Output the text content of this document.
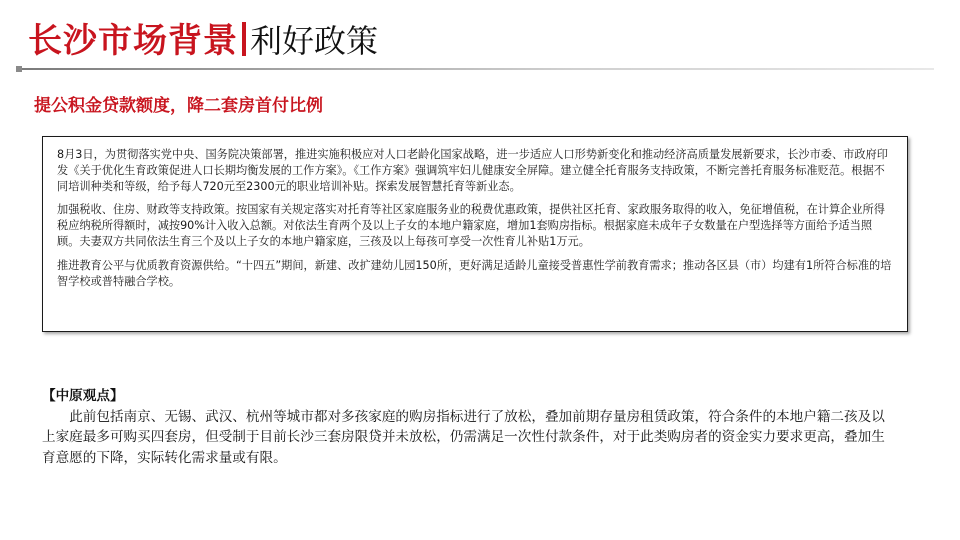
长沙市场背景 利好政策
提公积金贷款额度，降二套房首付比例

8月3日，为贯彻落实党中央、国务院决策部署，推进实施积极应对人口老龄化国家战略，进一步适应人口形势新变化和推动经济高质量发展新要求，长沙市委、市政府印发《关于优化生育政策促进人口长期均衡发展的工作方案》。《工作方案》强调筑牢妇儿健康安全屏障。建立健全托育服务支持政策，不断完善托育服务标准贬范。根据不同培训种类和等级，给予每人720元至2300元的职业培训补贴。探索发展智慧托育等新业态。

加强税收、住房、财政等支持政策。按国家有关规定落实对托育等社区家庭服务业的税费优惠政策，提供社区托育、家政服务取得的收入，免征增值税，在计算企业所得税应纳税所得额时，减按90%计入收入总额。对依法生育两个及以上子女的本地户籍家庭，增加1套购房指标。根据家庭未成年子女数量在户型选择等方面给予适当照顾。夫妻双方共同依法生育三个及以上子女的本地户籍家庭，三孩及以上每孩可享受一次性育儿补贴1万元。

推进教育公平与优质教育资源供给。“十四五”期间，新建、改扩建幼儿园150所，更好满足适龄儿童接受普惠性学前教育需求；推动各区县（市）均建有1所符合标准的培智学校或普特融合学校。

【中原观点】

此前包括南京、无锡、武汉、杭州等城市都对多孩家庭的购房指标进行了放松，叠加前期存量房租赁政策，符合条件的本地户籍二孩及以上家庭最多可购买四套房，但受制于目前长沙三套房限贷并未放松，仍需满足一次性付款条件，对于此类购房者的资金实力要求更高，叠加生育意愿的下降，实际转化需求量或有限。
